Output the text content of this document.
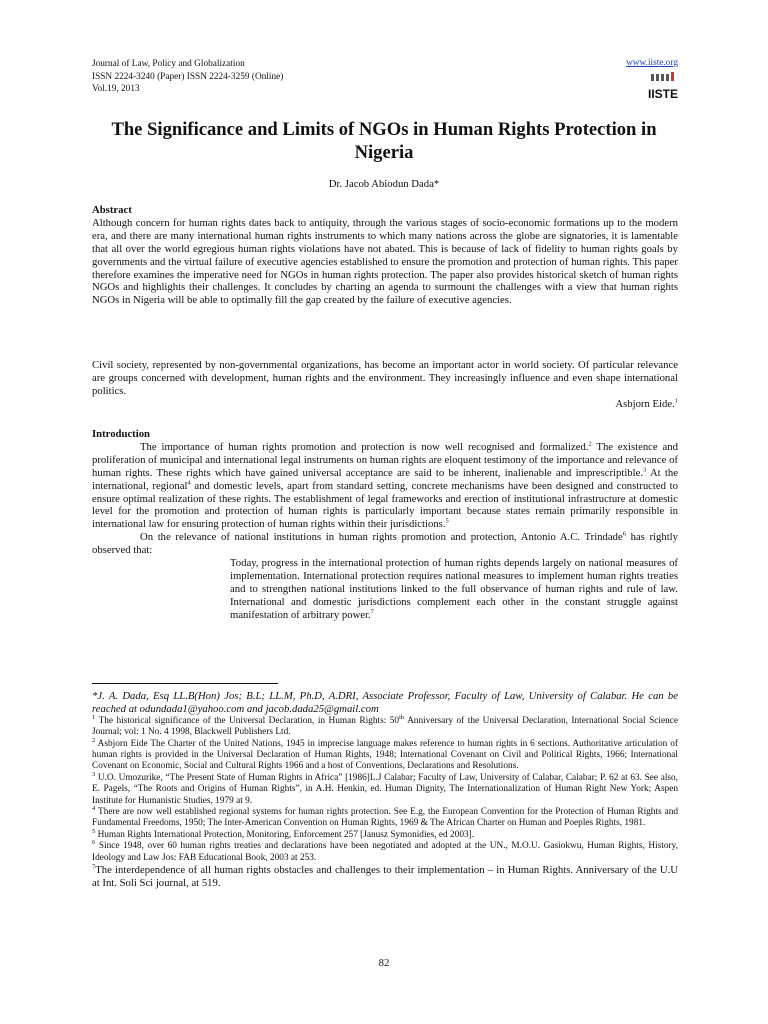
Journal of Law, Policy and Globalization
ISSN 2224-3240 (Paper) ISSN 2224-3259 (Online)
Vol.19, 2013
www.iiste.org
IISTE
The Significance and Limits of NGOs in Human Rights Protection in Nigeria
Dr. Jacob Abiodun Dada*

Abstract

Although concern for human rights dates back to antiquity, through the various stages of socio-economic formations up to the modern era, and there are many international human rights instruments to which many nations across the globe are signatories, it is lamentable that all over the world egregious human rights violations have not abated. This is because of lack of fidelity to human rights goals by governments and the virtual failure of executive agencies established to ensure the promotion and protection of human rights. This paper therefore examines the imperative need for NGOs in human rights protection. The paper also provides historical sketch of human rights NGOs and highlights their challenges. It concludes by charting an agenda to surmount the challenges with a view that human rights NGOs in Nigeria will be able to optimally fill the gap created by the failure of executive agencies.

Civil society, represented by non-governmental organizations, has become an important actor in world society. Of particular relevance are groups concerned with development, human rights and the environment. They increasingly influence and even shape international politics.

Asbjorn Eide.$^1$

Introduction

The importance of human rights promotion and protection is now well recognised and formalized.$^2$ The existence and proliferation of municipal and international legal instruments on human rights are eloquent testimony of the importance and relevance of human rights. These rights which have gained universal acceptance are said to be inherent, inalienable and imprescriptible.$^3$ At the international, regional$^4$ and domestic levels, apart from standard setting, concrete mechanisms have been designed and constructed to ensure optimal realization of these rights. The establishment of legal frameworks and erection of institutional infrastructure at domestic level for the promotion and protection of human rights is particularly important because states remain primarily responsible in international law for ensuring protection of human rights within their jurisdictions.$^5$

On the relevance of national institutions in human rights promotion and protection, Antonio A.C. Trindade$^6$ has rightly observed that:

Today, progress in the international protection of human rights depends largely on national measures of implementation. International protection requires national measures to implement human rights treaties and to strengthen national institutions linked to the full observance of human rights and rule of law. International and domestic jurisdictions complement each other in the constant struggle against manifestation of arbitrary power.$^7$

*J. A. Dada, Esq LL.B(Hon) Jos; B.L; LL.M, Ph.D, A.DRI, Associate Professor, Faculty of Law, University of Calabar. He can be reached at odundada1@yahoo.com and jacob.dada25@gmail.com

$^1$ The historical significance of the Universal Declaration, in Human Rights: 50th Anniversary of the Universal Declaration, International Social Science Journal; vol: 1 No. 4 1998, Blackwell Publishers Ltd.

$^2$ Asbjorn Eide The Charter of the United Nations, 1945 in imprecise language makes reference to human rights in 6 sections. Authoritative articulation of human rights is provided in the Universal Declaration of Human Rights, 1948; International Covenant on Civil and Political Rights, 1966; International Covenant on Economic, Social and Cultural Rights 1966 and a host of Conventions, Declarations and Resolutions.

$^3$ U.O. Umozurike, “The Present State of Human Rights in Africa” [1986]L.J Calabar; Faculty of Law, University of Calabar, Calabar; P. 62 at 63. See also, E. Pagels, “The Roots and Origins of Human Rights”, in A.H. Henkin, ed. Human Dignity, The Internationalization of Human Right New York; Aspen Institute for Humanistic Studies, 1979 at 9.

$^4$ There are now well established regional systems for human rights protection. See E.g, the European Convention for the Protection of Human Rights and Fundamental Freedoms, 1950; The Inter-American Convention on Human Rights, 1969 & The African Charter on Human and Poeples Rights, 1981.

$^5$ Human Rights International Protection, Monitoring, Enforcement 257 [Janusz Symonidies, ed 2003].

$^6$ Since 1948, over 60 human rights treaties and declarations have been negotiated and adopted at the UN., M.O.U. Gasiokwu, Human Rights, History, Ideology and Law Jos: FAB Educational Book, 2003 at 253.

$^7$The interdependence of all human rights obstacles and challenges to their implementation – in Human Rights. Anniversary of the U.U at Int. Soli Sci journal, at 519.

82
